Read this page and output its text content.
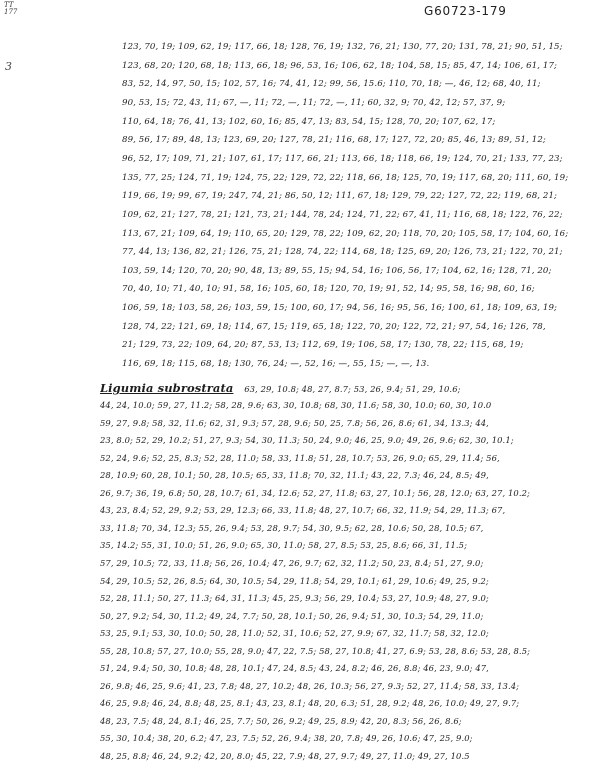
TT
177	G60723-179
3
123, 70, 19; 109, 62, 19; 117, 66, 18; 128, 76, 19; 132, 76, 21; 130, 77, 20; 131, 78, 21; 90, 51, 15;
123, 68, 20; 120, 68, 18; 113, 66, 18; 96, 53, 16; 106, 62, 18; 104, 58, 15; 85, 47, 14; 106, 61, 17;
83, 52, 14, 97, 50, 15; 102, 57, 16; 74, 41, 12; 99, 56, 15.6; 110, 70, 18; —, 46, 12; 68, 40, 11;
90, 53, 15; 72, 43, 11; 67, —, 11; 72, —, 11; 72, —, 11; 60, 32, 9; 70, 42, 12; 57, 37, 9;
110, 64, 18; 76, 41, 13; 102, 60, 16; 85, 47, 13; 83, 54, 15; 128, 70, 20; 107, 62, 17;
89, 56, 17; 89, 48, 13; 123, 69, 20; 127, 78, 21; 116, 68, 17; 127, 72, 20; 85, 46, 13; 89, 51, 12;
96, 52, 17; 109, 71, 21; 107, 61, 17; 117, 66, 21; 113, 66, 18; 118, 66, 19; 124, 70, 21; 133, 77, 23;
135, 77, 25; 124, 71, 19; 124, 75, 22; 129, 72, 22; 118, 66, 18; 125, 70, 19; 117, 68, 20; 111, 60, 19;
119, 66, 19; 99, 67, 19; 247, 74, 21; 86, 50, 12; 111, 67, 18; 129, 79, 22; 127, 72, 22; 119, 68, 21;
109, 62, 21; 127, 78, 21; 121, 73, 21; 144, 78, 24; 124, 71, 22; 67, 41, 11; 116, 68, 18; 122, 76, 22;
113, 67, 21; 109, 64, 19; 110, 65, 20; 129, 78, 22; 109, 62, 20; 118, 70, 20; 105, 58, 17; 104, 60, 16;
77, 44, 13; 136, 82, 21; 126, 75, 21; 128, 74, 22; 114, 68, 18; 125, 69, 20; 126, 73, 21; 122, 70, 21;
103, 59, 14; 120, 70, 20; 90, 48, 13; 89, 55, 15; 94, 54, 16; 106, 56, 17; 104, 62, 16; 128, 71, 20;
70, 40, 10; 71, 40, 10; 91, 58, 16; 105, 60, 18; 120, 70, 19; 91, 52, 14; 95, 58, 16; 98, 60, 16;
106, 59, 18; 103, 58, 26; 103, 59, 15; 100, 60, 17; 94, 56, 16; 95, 56, 16; 100, 61, 18; 109, 63, 19;
128, 74, 22; 121, 69, 18; 114, 67, 15; 119, 65, 18; 122, 70, 20; 122, 72, 21; 97, 54, 16; 126, 78,
21; 129, 73, 22; 109, 64, 20; 87, 53, 13; 112, 69, 19; 106, 58, 17; 130, 78, 22; 115, 68, 19;
116, 69, 18; 115, 68, 18; 130, 76, 24; —, 52, 16; —, 55, 15; —, —, 13.
Ligumia subrostrata 63, 29, 10.8; 48, 27, 8.7; 53, 26, 9.4; 51, 29, 10.6;
44, 24, 10.0; 59, 27, 11.2; 58, 28, 9.6; 63, 30, 10.8; 68, 30, 11.6; 58, 30, 10.0; 60, 30, 10.0
59, 27, 9.8; 58, 32, 11.6; 62, 31, 9.3; 57, 28, 9.6; 50, 25, 7.8; 56, 26, 8.6; 61, 34, 13.3; 44,
23, 8.0; 52, 29, 10.2; 51, 27, 9.3; 54, 30, 11.3; 50, 24, 9.0; 46, 25, 9.0; 49, 26, 9.6; 62, 30, 10.1;
52, 24, 9.6; 52, 25, 8.3; 52, 28, 11.0; 58, 33, 11.8; 51, 28, 10.7; 53, 26, 9.0; 65, 29, 11.4; 56,
28, 10.9; 60, 28, 10.1; 50, 28, 10.5; 65, 33, 11.8; 70, 32, 11.1; 43, 22, 7.3; 46, 24, 8.5; 49,
26, 9.7; 36, 19, 6.8; 50, 28, 10.7; 61, 34, 12.6; 52, 27, 11.8; 63, 27, 10.1; 56, 28, 12.0; 63, 27, 10.2;
43, 23, 8.4; 52, 29, 9.2; 53, 29, 12.3; 66, 33, 11.8; 48, 27, 10.7; 66, 32, 11.9; 54, 29, 11.3; 67,
33, 11.8; 70, 34, 12.3; 55, 26, 9.4; 53, 28, 9.7; 54, 30, 9.5; 62, 28, 10.6; 50, 28, 10.5; 67,
35, 14.2; 55, 31, 10.0; 51, 26, 9.0; 65, 30, 11.0; 58, 27, 8.5; 53, 25, 8.6; 66, 31, 11.5;
57, 29, 10.5; 72, 33, 11.8; 56, 26, 10.4; 47, 26, 9.7; 62, 32, 11.2; 50, 23, 8.4; 51, 27, 9.0;
54, 29, 10.5; 52, 26, 8.5; 64, 30, 10.5; 54, 29, 11.8; 54, 29, 10.1; 61, 29, 10.6; 49, 25, 9.2;
52, 28, 11.1; 50, 27, 11.3; 64, 31, 11.3; 45, 25, 9.3; 56, 29, 10.4; 53, 27, 10.9; 48, 27, 9.0;
50, 27, 9.2; 54, 30, 11.2; 49, 24, 7.7; 50, 28, 10.1; 50, 26, 9.4; 51, 30, 10.3; 54, 29, 11.0;
53, 25, 9.1; 53, 30, 10.0; 50, 28, 11.0; 52, 31, 10.6; 52, 27, 9.9; 67, 32, 11.7; 58, 32, 12.0;
55, 28, 10.8; 57, 27, 10.0; 55, 28, 9.0; 47, 22, 7.5; 58, 27, 10.8; 41, 27, 6.9; 53, 28, 8.6; 53, 28, 8.5;
51, 24, 9.4; 50, 30, 10.8; 48, 28, 10.1; 47, 24, 8.5; 43, 24, 8.2; 46, 26, 8.8; 46, 23, 9.0; 47,
26, 9.8; 46, 25, 9.6; 41, 23, 7.8; 48, 27, 10.2; 48, 26, 10.3; 56, 27, 9.3; 52, 27, 11.4; 58, 33, 13.4;
46, 25, 9.8; 46, 24, 8.8; 48, 25, 8.1; 43, 23, 8.1; 48, 20, 6.3; 51, 28, 9.2; 48, 26, 10.0; 49, 27, 9.7;
48, 23, 7.5; 48, 24, 8.1; 46, 25, 7.7; 50, 26, 9.2; 49, 25, 8.9; 42, 20, 8.3; 56, 26, 8.6;
55, 30, 10.4; 38, 20, 6.2; 47, 23, 7.5; 52, 26, 9.4; 38, 20, 7.8; 49, 26, 10.6; 47, 25, 9.0;
48, 25, 8.8; 46, 24, 9.2; 42, 20, 8.0; 45, 22, 7.9; 48, 27, 9.7; 49, 27, 11.0; 49, 27, 10.5
